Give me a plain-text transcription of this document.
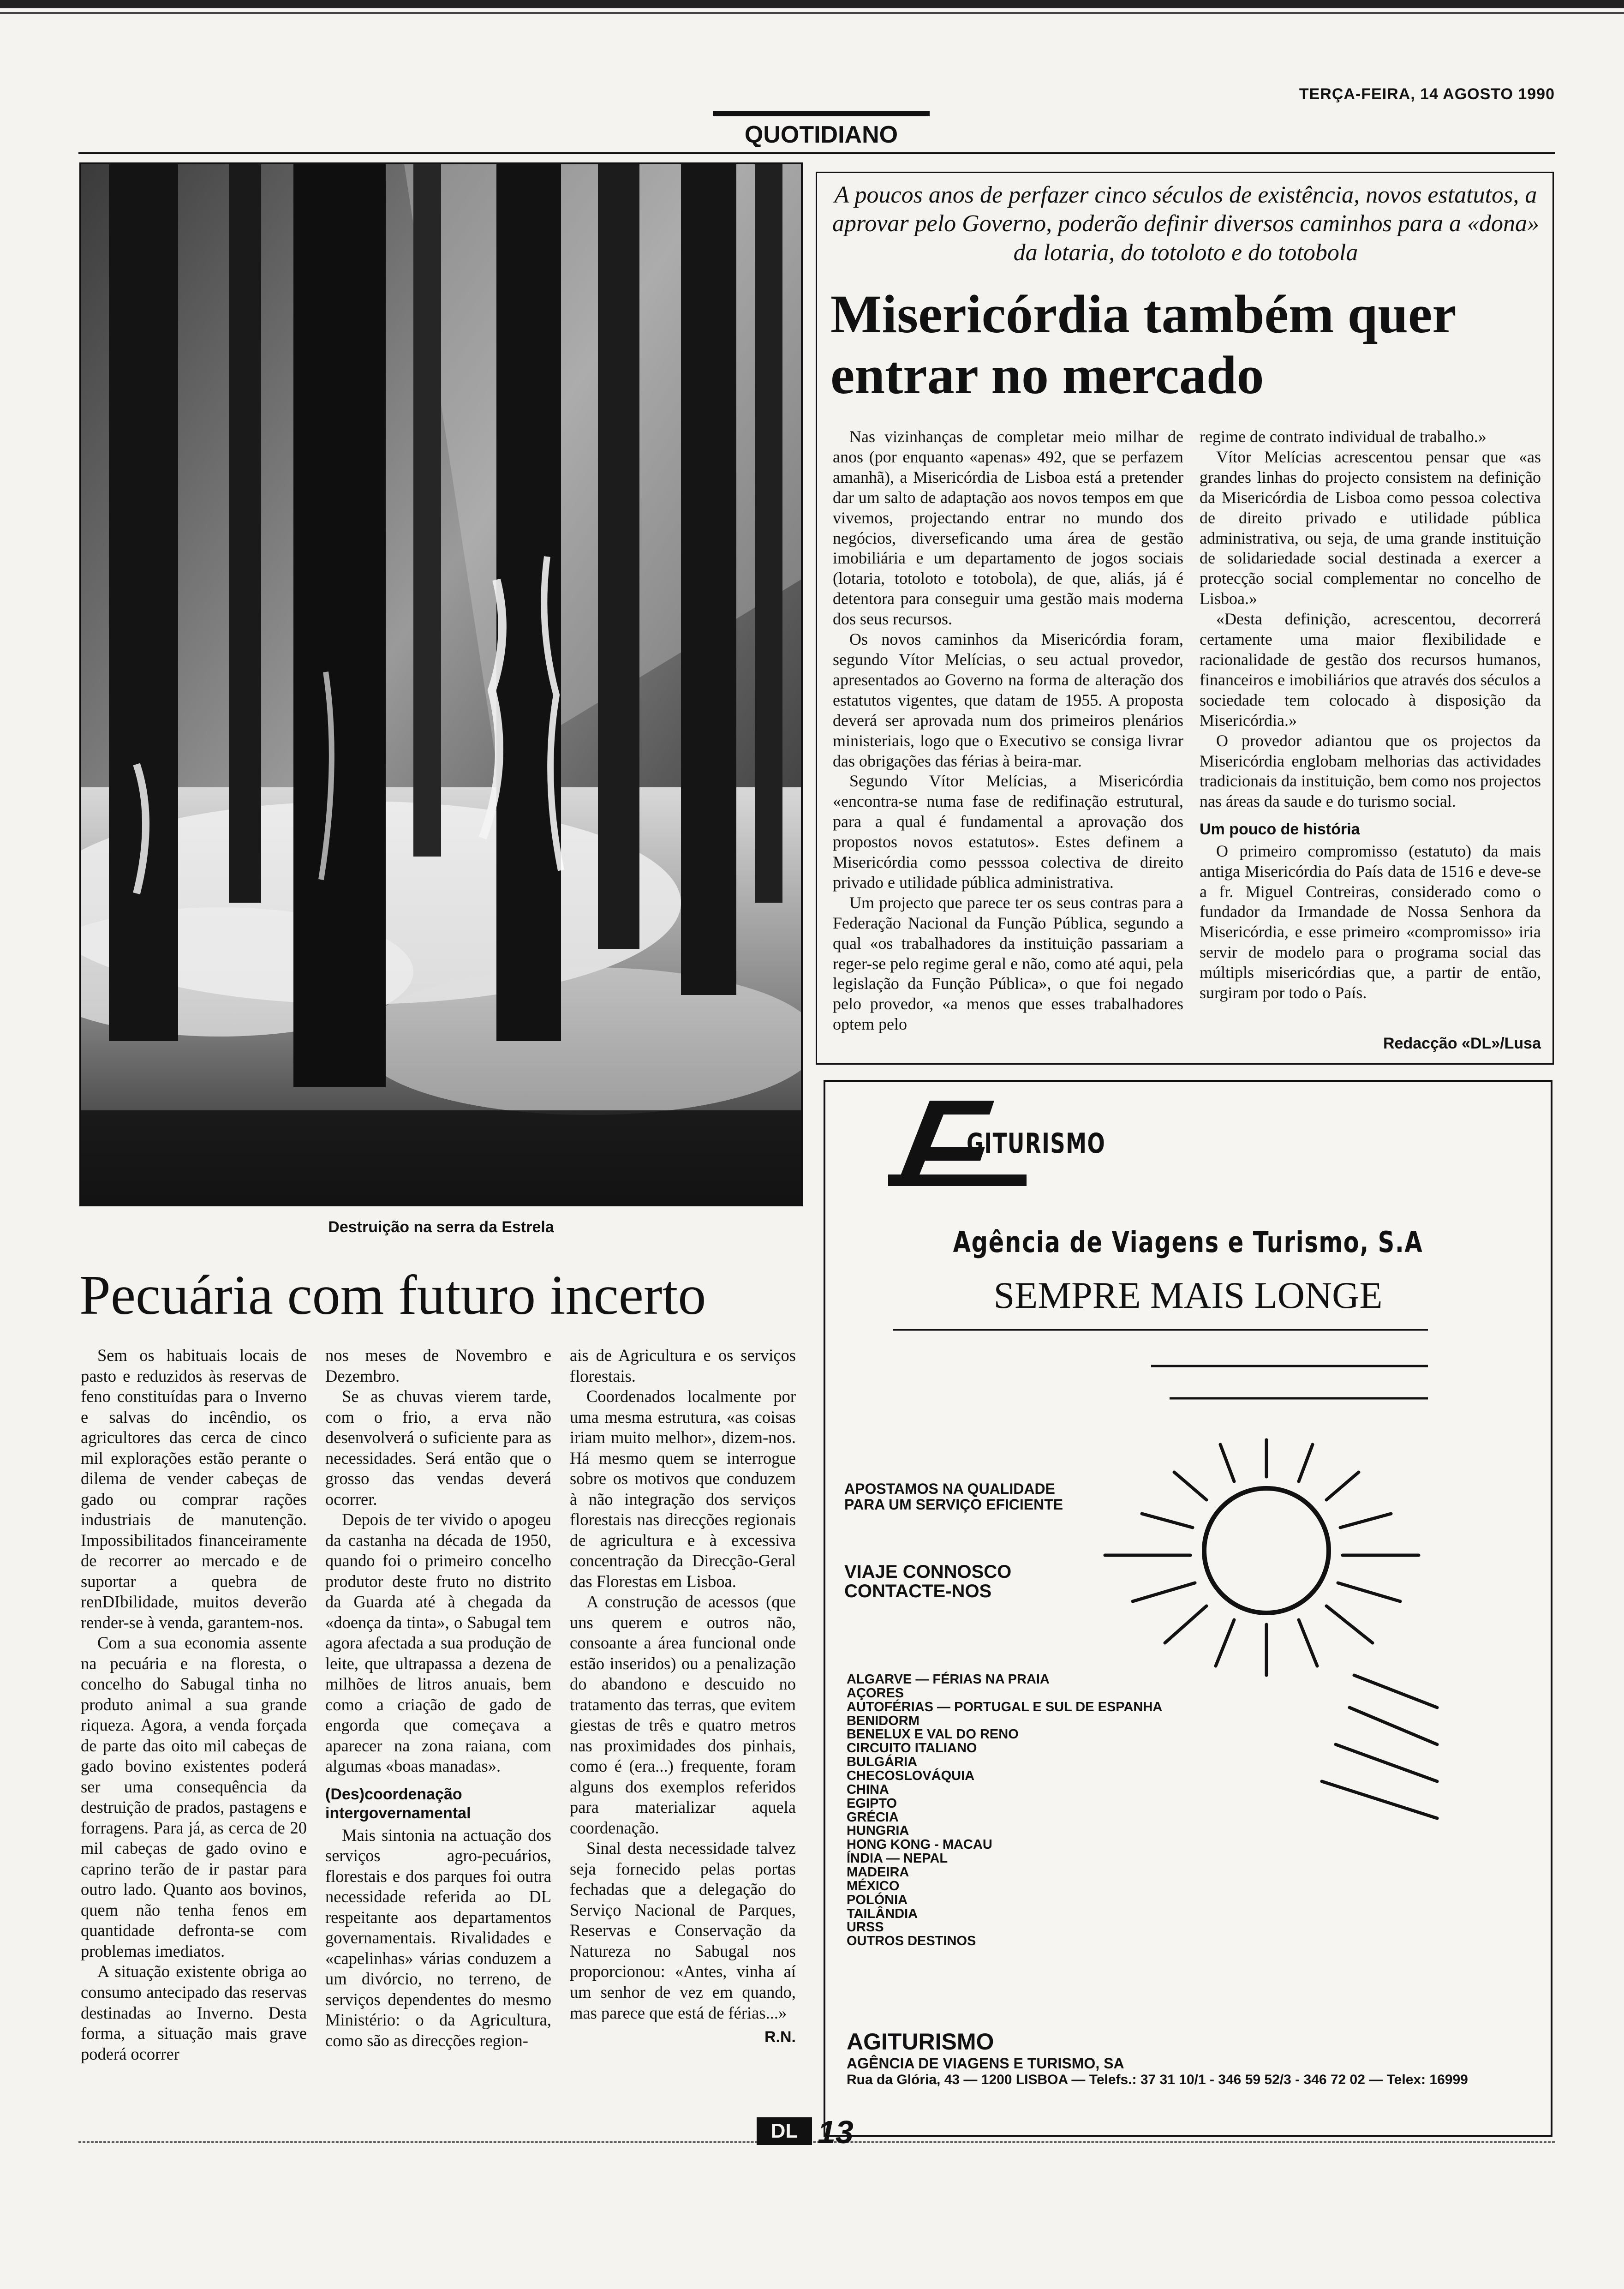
TERÇA-FEIRA, 14 AGOSTO 1990
QUOTIDIANO
Destruição na serra da Estrela
Pecuária com futuro incerto

Sem os habituais locais de pasto e reduzidos às reservas de feno constituídas para o Inverno e salvas do incêndio, os agricultores das cerca de cinco mil explorações estão perante o dilema de vender cabeças de gado ou comprar rações industriais de manutenção. Impossibilitados financeiramente de recorrer ao mercado e de suportar a quebra de renDIbilidade, muitos deverão render-se à venda, garantem-nos.

Com a sua economia assente na pecuária e na floresta, o concelho do Sabugal tinha no produto animal a sua grande riqueza. Agora, a venda forçada de parte das oito mil cabeças de gado bovino existentes poderá ser uma consequência da destruição de prados, pastagens e forragens. Para já, as cerca de 20 mil cabeças de gado ovino e caprino terão de ir pastar para outro lado. Quanto aos bovinos, quem não tenha fenos em quantidade defronta-se com problemas imediatos.

A situação existente obriga ao consumo antecipado das reservas destinadas ao Inverno. Desta forma, a situação mais grave poderá ocorrer

nos meses de Novembro e Dezembro.

Se as chuvas vierem tarde, com o frio, a erva não desenvolverá o suficiente para as necessidades. Será então que o grosso das vendas deverá ocorrer.

Depois de ter vivido o apogeu da castanha na década de 1950, quando foi o primeiro concelho produtor deste fruto no distrito da Guarda até à chegada da «doença da tinta», o Sabugal tem agora afectada a sua produção de leite, que ultrapassa a dezena de milhões de litros anuais, bem como a criação de gado de engorda que começava a aparecer na zona raiana, com algumas «boas manadas».

(Des)coordenação intergovernamental

Mais sintonia na actuação dos serviços agro-pecuários, florestais e dos parques foi outra necessidade referida ao DL respeitante aos departamentos governamentais. Rivalidades e «capelinhas» várias conduzem a um divórcio, no terreno, de serviços dependentes do mesmo Ministério: o da Agricultura, como são as direcções region-

ais de Agricultura e os serviços florestais.

Coordenados localmente por uma mesma estrutura, «as coisas iriam muito melhor», dizem-nos. Há mesmo quem se interrogue sobre os motivos que conduzem à não integração dos serviços florestais nas direcções regionais de agricultura e à excessiva concentração da Direcção-Geral das Florestas em Lisboa.

A construção de acessos (que uns querem e outros não, consoante a área funcional onde estão inseridos) ou a penalização do abandono e descuido no tratamento das terras, que evitem giestas de três e quatro metros nas proximidades dos pinhais, como é (era...) frequente, foram alguns dos exemplos referidos para materializar aquela coordenação.

Sinal desta necessidade talvez seja fornecido pelas portas fechadas que a delegação do Serviço Nacional de Parques, Reservas e Conservação da Natureza no Sabugal nos proporcionou: «Antes, vinha aí um senhor de vez em quando, mas parece que está de férias...»

R.N.
A poucos anos de perfazer cinco séculos de existência, novos estatutos, a aprovar pelo Governo, poderão definir diversos caminhos para a «dona» da lotaria, do totoloto e do totobola
Misericórdia também quer entrar no mercado

Nas vizinhanças de completar meio milhar de anos (por enquanto «apenas» 492, que se perfazem amanhã), a Misericórdia de Lisboa está a pretender dar um salto de adaptação aos novos tempos em que vivemos, projectando entrar no mundo dos negócios, diverseficando uma área de gestão imobiliária e um departamento de jogos sociais (lotaria, totoloto e totobola), de que, aliás, já é detentora para conseguir uma gestão mais moderna dos seus recursos.

Os novos caminhos da Misericórdia foram, segundo Vítor Melícias, o seu actual provedor, apresentados ao Governo na forma de alteração dos estatutos vigentes, que datam de 1955. A proposta deverá ser aprovada num dos primeiros plenários ministeriais, logo que o Executivo se consiga livrar das obrigações das férias à beira-mar.

Segundo Vítor Melícias, a Misericórdia «encontra-se numa fase de redifinação estrutural, para a qual é fundamental a aprovação dos propostos novos estatutos». Estes definem a Misericórdia como pesssoa colectiva de direito privado e utilidade pública administrativa.

Um projecto que parece ter os seus contras para a Federação Nacional da Função Pública, segundo a qual «os trabalhadores da instituição passariam a reger-se pelo regime geral e não, como até aqui, pela legislação da Função Pública», o que foi negado pelo provedor, «a menos que esses trabalhadores optem pelo

regime de contrato individual de trabalho.»

Vítor Melícias acrescentou pensar que «as grandes linhas do projecto consistem na definição da Misericórdia de Lisboa como pessoa colectiva de direito privado e utilidade pública administrativa, ou seja, de uma grande instituição de solidariedade social destinada a exercer a protecção social complementar no concelho de Lisboa.»

«Desta definição, acrescentou, decorrerá certamente uma maior flexibilidade e racionalidade de gestão dos recursos humanos, financeiros e imobiliários que através dos séculos a sociedade tem colocado à disposição da Misericórdia.»

O provedor adiantou que os projectos da Misericórdia englobam melhorias das actividades tradicionais da instituição, bem como nos projectos nas áreas da saude e do turismo social.

Um pouco de história

O primeiro compromisso (estatuto) da mais antiga Misericórdia do País data de 1516 e deve-se a fr. Miguel Contreiras, considerado como o fundador da Irmandade de Nossa Senhora da Misericórdia, e esse primeiro «compromisso» iria servir de modelo para o programa social das múltipls misericórdias que, a partir de então, surgiram por todo o País.

Redacção «DL»/Lusa
GITURISMO
Agência de Viagens e Turismo, S.A
SEMPRE MAIS LONGE
APOSTAMOS NA QUALIDADE
PARA UM SERVIÇO EFICIENTE
VIAJE CONNOSCO
CONTACTE-NOS
ALGARVE — FÉRIAS NA PRAIA
AÇORES
AUTOFÉRIAS — PORTUGAL E SUL DE ESPANHA
BENIDORM
BENELUX E VAL DO RENO
CIRCUITO ITALIANO
BULGÁRIA
CHECOSLOVÁQUIA
CHINA
EGIPTO
GRÉCIA
HUNGRIA
HONG KONG - MACAU
ÍNDIA — NEPAL
MADEIRA
MÉXICO
POLÓNIA
TAILÂNDIA
URSS
OUTROS DESTINOS
AGITURISMO
AGÊNCIA DE VIAGENS E TURISMO, SA
Rua da Glória, 43 — 1200 LISBOA — Telefs.: 37 31 10/1 - 346 59 52/3 - 346 72 02 — Telex: 16999
DL 13
